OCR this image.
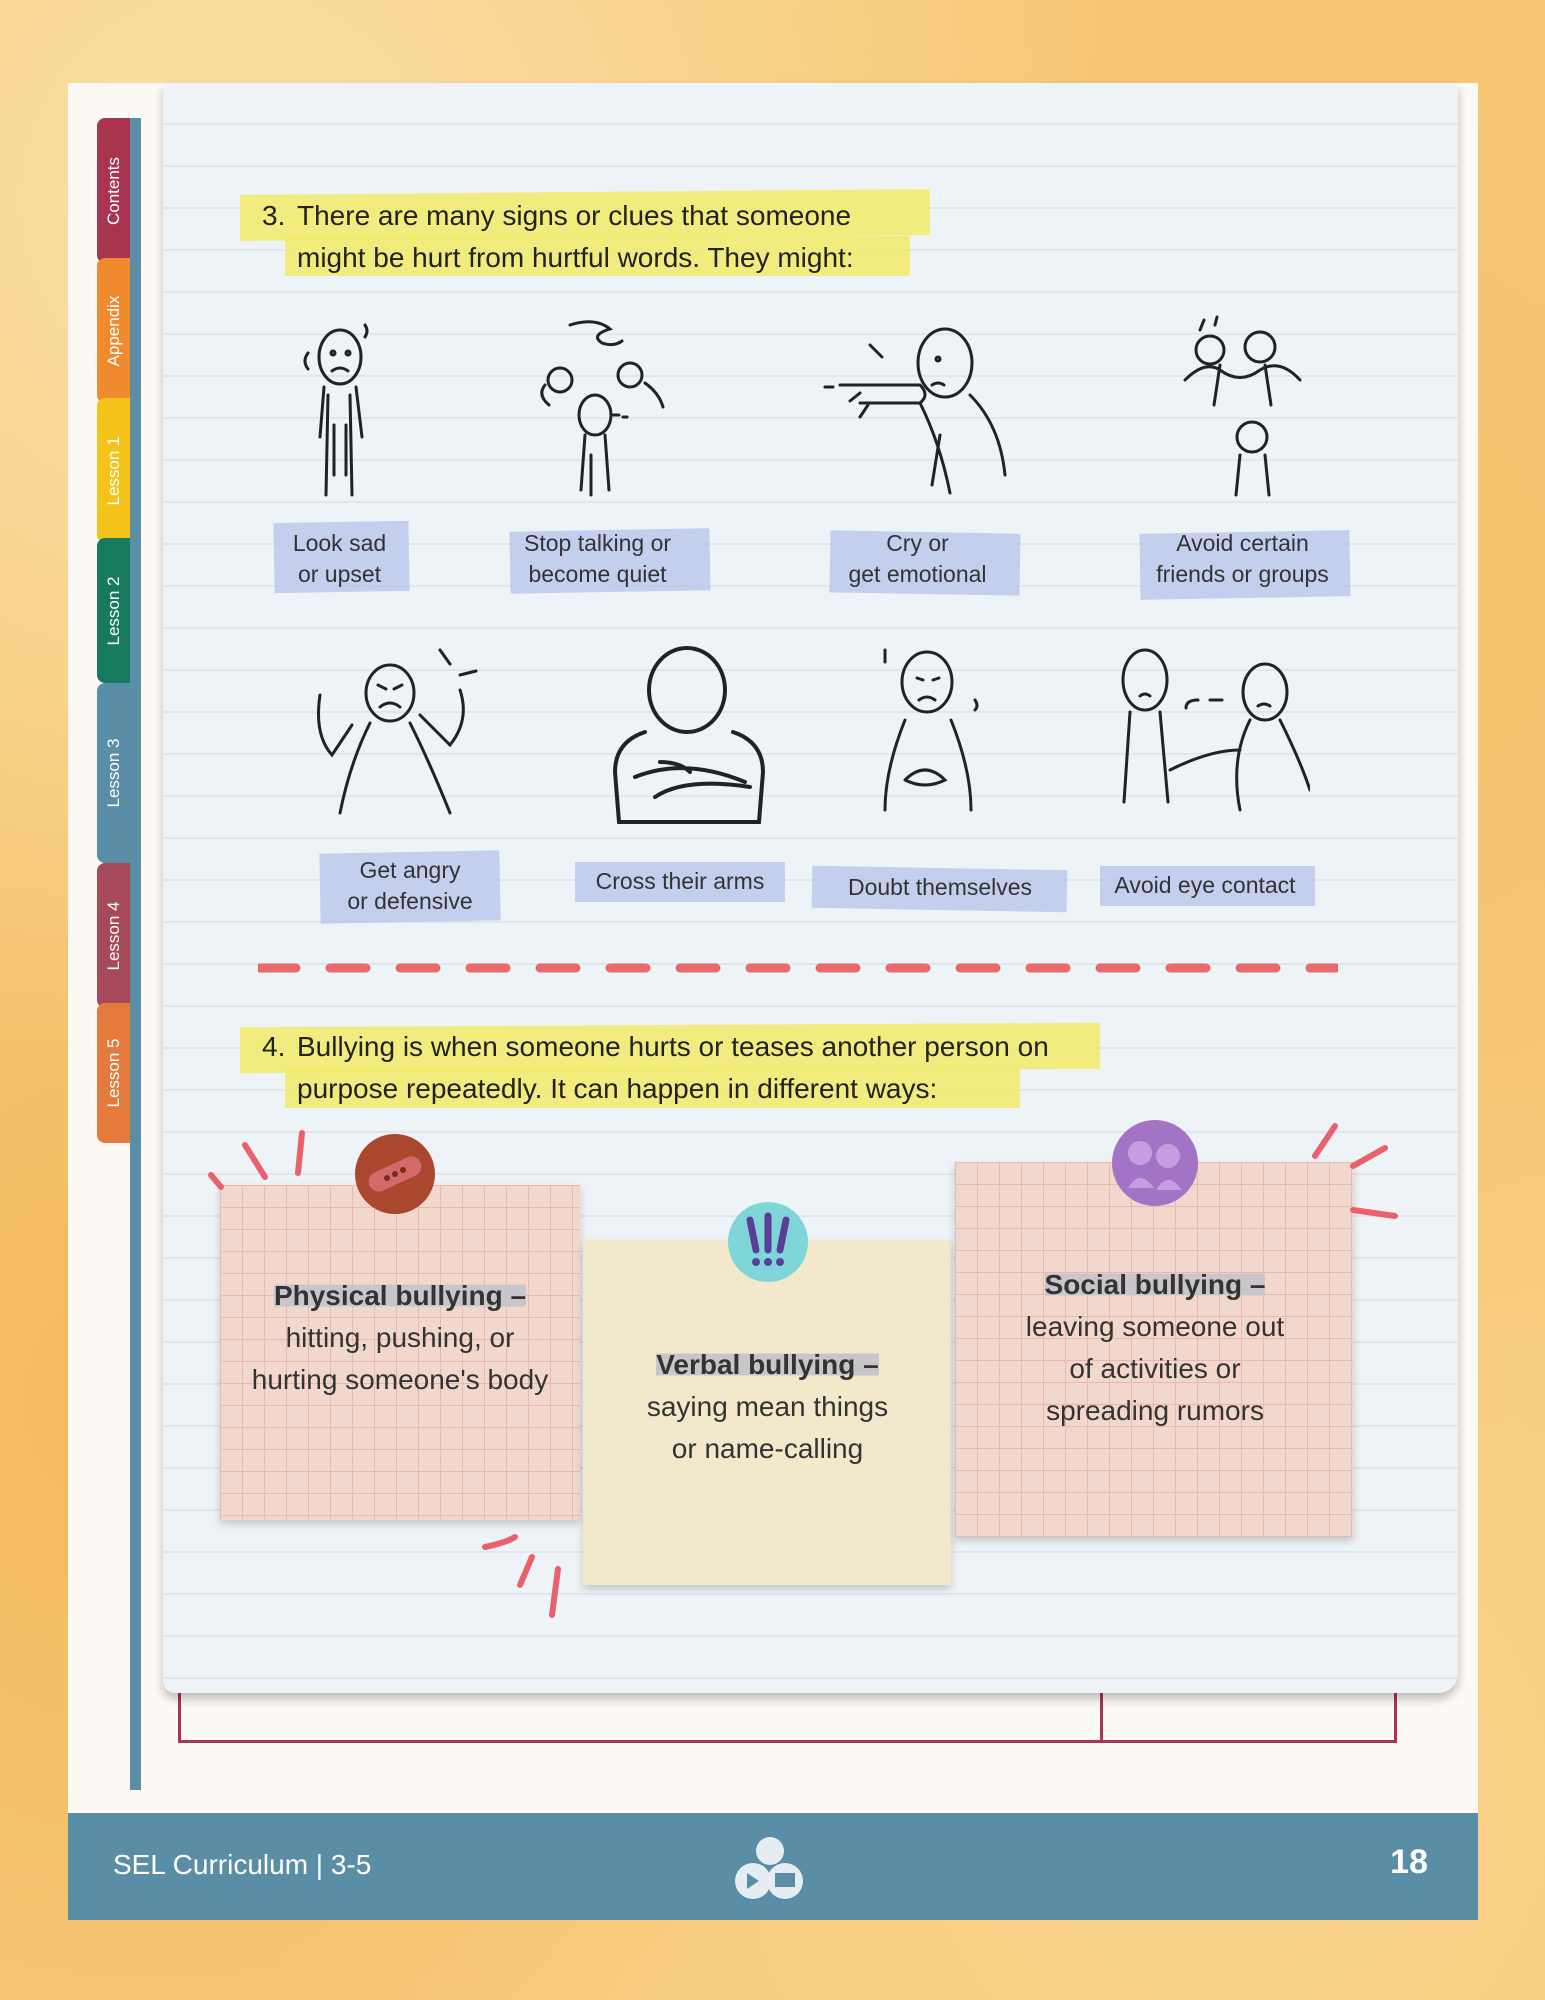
Contents
Appendix
Lesson 1
Lesson 2
Lesson 3
Lesson 4
Lesson 5
3. There are many signs or clues that someone
might be hurt from hurtful words. They might:
Look sad
or upset
Stop talking or
become quiet
Cry or
get emotional
Avoid certain
friends or groups
Get angry
or defensive
Cross their arms	Doubt themselves	Avoid eye contact
4. Bullying is when someone hurts or teases another person on
purpose repeatedly. It can happen in different ways:
Physical bullying –
hitting, pushing, or
hurting someone's body	Verbal bullying –
saying mean things
or name-calling
Social bullying –
leaving someone out
of activities or
spreading rumors
SEL Curriculum | 3-5	18
